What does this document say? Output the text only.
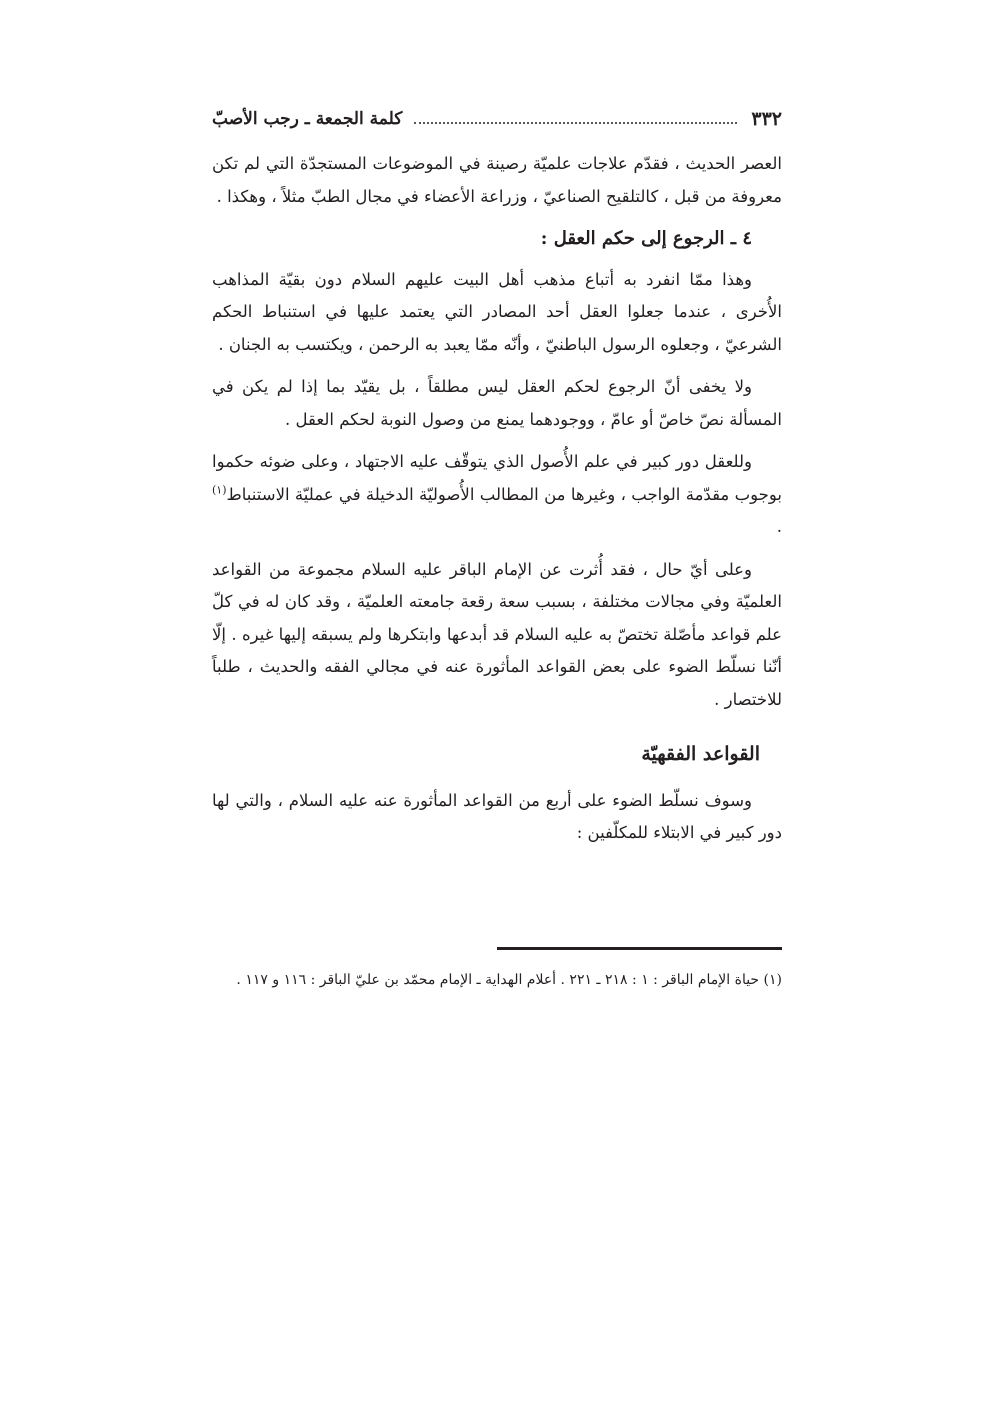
٣٣٢
كلمة الجمعة ـ رجب الأصبّ

العصر الحديث ، فقدّم علاجات علميّة رصينة في الموضوعات المستجدّة التي لم تكن معروفة من قبل ، كالتلقيح الصناعيّ ، وزراعة الأعضاء في مجال الطبّ مثلاً ، وهكذا .

٤ ـ الرجوع إلى حكم العقل :

وهذا ممّا انفرد به أتباع مذهب أهل البيت عليهم السلام دون بقيّة المذاهب الأُخرى ، عندما جعلوا العقل أحد المصادر التي يعتمد عليها في استنباط الحكم الشرعيّ ، وجعلوه الرسول الباطنيّ ، وأنّه ممّا يعبد به الرحمن ، ويكتسب به الجنان .

ولا يخفى أنّ الرجوع لحكم العقل ليس مطلقاً ، بل يقيّد بما إذا لم يكن في المسألة نصّ خاصّ أو عامّ ، ووجودهما يمنع من وصول النوبة لحكم العقل .

وللعقل دور كبير في علم الأُصول الذي يتوقّف عليه الاجتهاد ، وعلى ضوئه حكموا بوجوب مقدّمة الواجب ، وغيرها من المطالب الأُصوليّة الدخيلة في عمليّة الاستنباط$^{(١)}$ .

وعلى أيّ حال ، فقد أُثرت عن الإمام الباقر عليه السلام مجموعة من القواعد العلميّة وفي مجالات مختلفة ، بسبب سعة رقعة جامعته العلميّة ، وقد كان له في كلّ علم قواعد مأصّلة تختصّ به عليه السلام قد أبدعها وابتكرها ولم يسبقه إليها غيره . إلّا أنّنا نسلّط الضوء على بعض القواعد المأثورة عنه في مجالي الفقه والحديث ، طلباً للاختصار .

القواعد الفقهيّة

وسوف نسلّط الضوء على أربع من القواعد المأثورة عنه عليه السلام ، والتي لها دور كبير في الابتلاء للمكلّفين :

(١) حياة الإمام الباقر : ١ : ٢١٨ ـ ٢٢١ . أعلام الهداية ـ الإمام محمّد بن عليّ الباقر : ١١٦ و ١١٧ .
